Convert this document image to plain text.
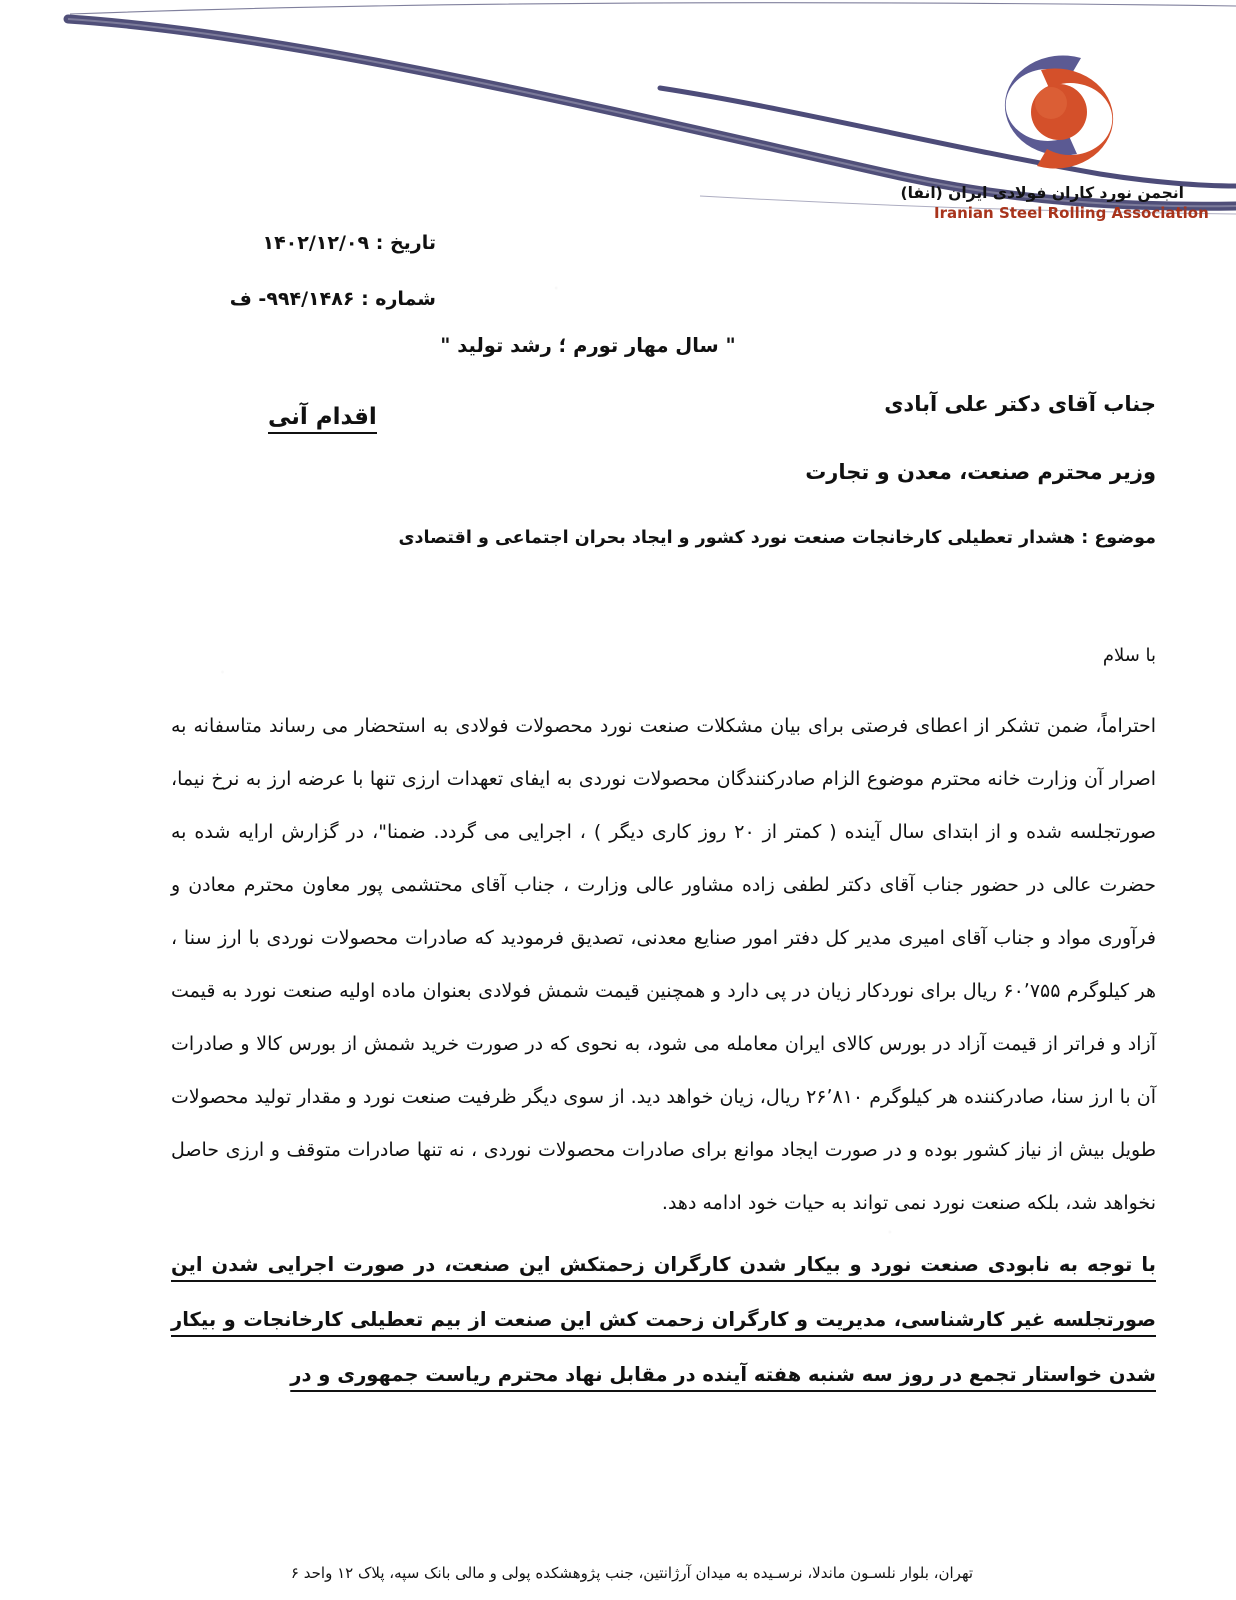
انجمن نورد کاران فولادی ایران (انفا)
Iranian Steel Rolling Association
تاریخ : ۱۴۰۲/۱۲/۰۹
شماره : ۹۹۴/۱۴۸۶- ف
" سال مهار تورم ؛ رشد تولید "
جناب آقای دکتر علی آبادی
وزیر محترم صنعت، معدن و تجارت
اقدام آنی
موضوع : هشدار تعطیلی کارخانجات صنعت نورد کشور و ایجاد بحران اجتماعی و اقتصادی
با سلام
احتراماً، ضمن تشکر از اعطای فرصتی برای بیان مشکلات صنعت نورد محصولات فولادی به استحضار می رساند متاسفانه به اصرار آن وزارت خانه محترم موضوع الزام صادرکنندگان محصولات نوردی به ایفای تعهدات ارزی تنها با عرضه ارز به نرخ نیما، صورتجلسه شده و از ابتدای سال آینده ( کمتر از ۲۰ روز کاری دیگر ) ، اجرایی می گردد. ضمنا"، در گزارش ارایه شده به حضرت عالی در حضور جناب آقای دکتر لطفی زاده مشاور عالی وزارت ، جناب آقای محتشمی پور معاون محترم معادن و فرآوری مواد و جناب آقای امیری مدیر کل دفتر امور صنایع معدنی، تصدیق فرمودید که صادرات محصولات نوردی با ارز سنا ، هر کیلوگرم ۶۰٬۷۵۵ ریال برای نوردکار زیان در پی دارد و همچنین قیمت شمش فولادی بعنوان ماده اولیه صنعت نورد به قیمت آزاد و فراتر از قیمت آزاد در بورس کالای ایران معامله می شود، به نحوی که در صورت خرید شمش از بورس کالا و صادرات آن با ارز سنا، صادرکننده هر کیلوگرم ۲۶٬۸۱۰ ریال، زیان خواهد دید. از سوی دیگر ظرفیت صنعت نورد و مقدار تولید محصولات طویل بیش از نیاز کشور بوده و در صورت ایجاد موانع برای صادرات محصولات نوردی ، نه تنها صادرات متوقف و ارزی حاصل نخواهد شد، بلکه صنعت نورد نمی تواند به حیات خود ادامه دهد.
با توجه به نابودی صنعت نورد و بیکار شدن کارگران زحمتکش این صنعت، در صورت اجرایی شدن این صورتجلسه غیر کارشناسی، مدیریت و کارگران زحمت کش این صنعت از بیم تعطیلی کارخانجات و بیکار شدن خواستار تجمع در روز سه شنبه هفته آینده در مقابل نهاد محترم ریاست جمهوری و در
تهران، بلوار نلسـون ماندلا، نرسـیده به میدان آرژانتین، جنب پژوهشکده پولی و مالی بانک سپه، پلاک ۱۲ واحد ۶
